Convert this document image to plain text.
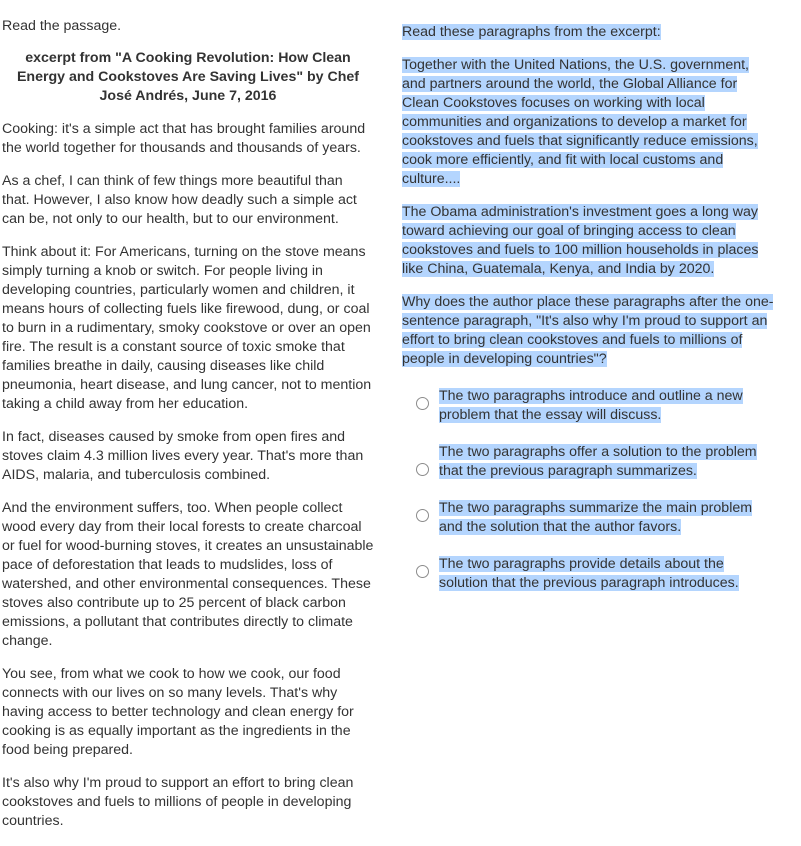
Read the passage.

excerpt from "A Cooking Revolution: How Clean Energy and Cookstoves Are Saving Lives" by Chef José Andrés, June 7, 2016

Cooking: it's a simple act that has brought families around the world together for thousands and thousands of years.

As a chef, I can think of few things more beautiful than that. However, I also know how deadly such a simple act can be, not only to our health, but to our environment.

Think about it: For Americans, turning on the stove means simply turning a knob or switch. For people living in developing countries, particularly women and children, it means hours of collecting fuels like firewood, dung, or coal to burn in a rudimentary, smoky cookstove or over an open fire. The result is a constant source of toxic smoke that families breathe in daily, causing diseases like child pneumonia, heart disease, and lung cancer, not to mention taking a child away from her education.

In fact, diseases caused by smoke from open fires and stoves claim 4.3 million lives every year. That's more than AIDS, malaria, and tuberculosis combined.

And the environment suffers, too. When people collect wood every day from their local forests to create charcoal or fuel for wood-burning stoves, it creates an unsustainable pace of deforestation that leads to mudslides, loss of watershed, and other environmental consequences. These stoves also contribute up to 25 percent of black carbon emissions, a pollutant that contributes directly to climate change.

You see, from what we cook to how we cook, our food connects with our lives on so many levels. That's why having access to better technology and clean energy for cooking is as equally important as the ingredients in the food being prepared.

It's also why I'm proud to support an effort to bring clean cookstoves and fuels to millions of people in developing countries.

Read these paragraphs from the excerpt:

Together with the United Nations, the U.S. government, and partners around the world, the Global Alliance for Clean Cookstoves focuses on working with local communities and organizations to develop a market for cookstoves and fuels that significantly reduce emissions, cook more efficiently, and fit with local customs and culture....

The Obama administration's investment goes a long way toward achieving our goal of bringing access to clean cookstoves and fuels to 100 million households in places like China, Guatemala, Kenya, and India by 2020.

Why does the author place these paragraphs after the one-sentence paragraph, "It's also why I'm proud to support an effort to bring clean cookstoves and fuels to millions of people in developing countries"?

The two paragraphs introduce and outline a new problem that the essay will discuss.
The two paragraphs offer a solution to the problem that the previous paragraph summarizes.
The two paragraphs summarize the main problem and the solution that the author favors.
The two paragraphs provide details about the solution that the previous paragraph introduces.
